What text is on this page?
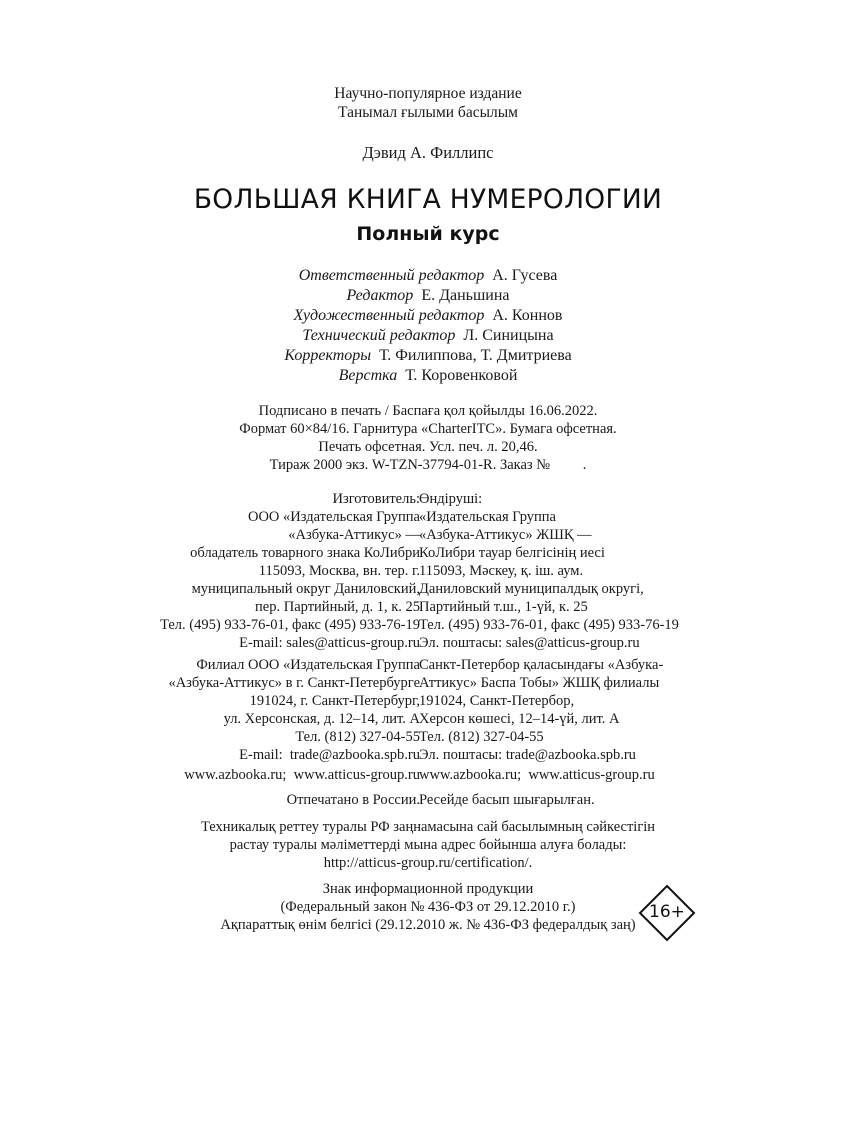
Научно-популярное издание
Танымал ғылыми басылым
Дэвид А. Филлипс
БОЛЬШАЯ КНИГА НУМЕРОЛОГИИ
Полный курс
Ответственный редактор А. Гусева
Редактор Е. Даньшина
Художественный редактор А. Коннов
Технический редактор Л. Синицына
Корректоры Т. Филиппова, Т. Дмитриева
Верстка Т. Коровенковой
Подписано в печать / Баспаға қол қойылды 16.06.2022.
Формат 60×84/16. Гарнитура «CharterITC». Бумага офсетная.
Печать офсетная. Усл. печ. л. 20,46.
Тираж 2000 экз. W-TZN-37794-01-R. Заказ №         .
Изготовитель:
ООО «Издательская Группа
«Азбука-Аттикус» —
обладатель товарного знака КоЛибри
115093, Москва, вн. тер. г.
муниципальный округ Даниловский,
пер. Партийный, д. 1, к. 25
Тел. (495) 933-76-01, факс (495) 933-76-19
E-mail: sales@atticus-group.ru
Өндіруші:
«Издательская Группа
«Азбука-Аттикус» ЖШҚ —
КоЛибри тауар белгісінің иесі
115093, Мәскеу, қ. іш. аум.
Даниловский муниципалдық округі,
Партийный т.ш., 1-үй, к. 25
Тел. (495) 933-76-01, факс (495) 933-76-19
Эл. поштасы: sales@atticus-group.ru
Филиал ООО «Издательская Группа
«Азбука-Аттикус» в г. Санкт-Петербурге
191024, г. Санкт-Петербург,
ул. Херсонская, д. 12–14, лит. А
Тел. (812) 327-04-55
E-mail:  trade@azbooka.spb.ru
Санкт-Петербор қаласындағы «Азбука-
Аттикус» Баспа Тобы» ЖШҚ филиалы
191024, Санкт-Петербор,
Херсон көшесі, 12–14-үй, лит. А
Тел. (812) 327-04-55
Эл. поштасы: trade@azbooka.spb.ru
www.azbooka.ru;  www.atticus-group.ru www.azbooka.ru;  www.atticus-group.ru
Отпечатано в России. Ресейде басып шығарылған.
Техникалық реттеу туралы РФ заңнамасына сай басылымның сәйкестігін
растау туралы мәліметтерді мына адрес бойынша алуға болады:
http://atticus-group.ru/certification/.
Знак информационной продукции
(Федеральный закон № 436-ФЗ от 29.12.2010 г.)
Ақпараттық өнім белгісі (29.12.2010 ж. № 436-ФЗ федералдық заң)
16+
